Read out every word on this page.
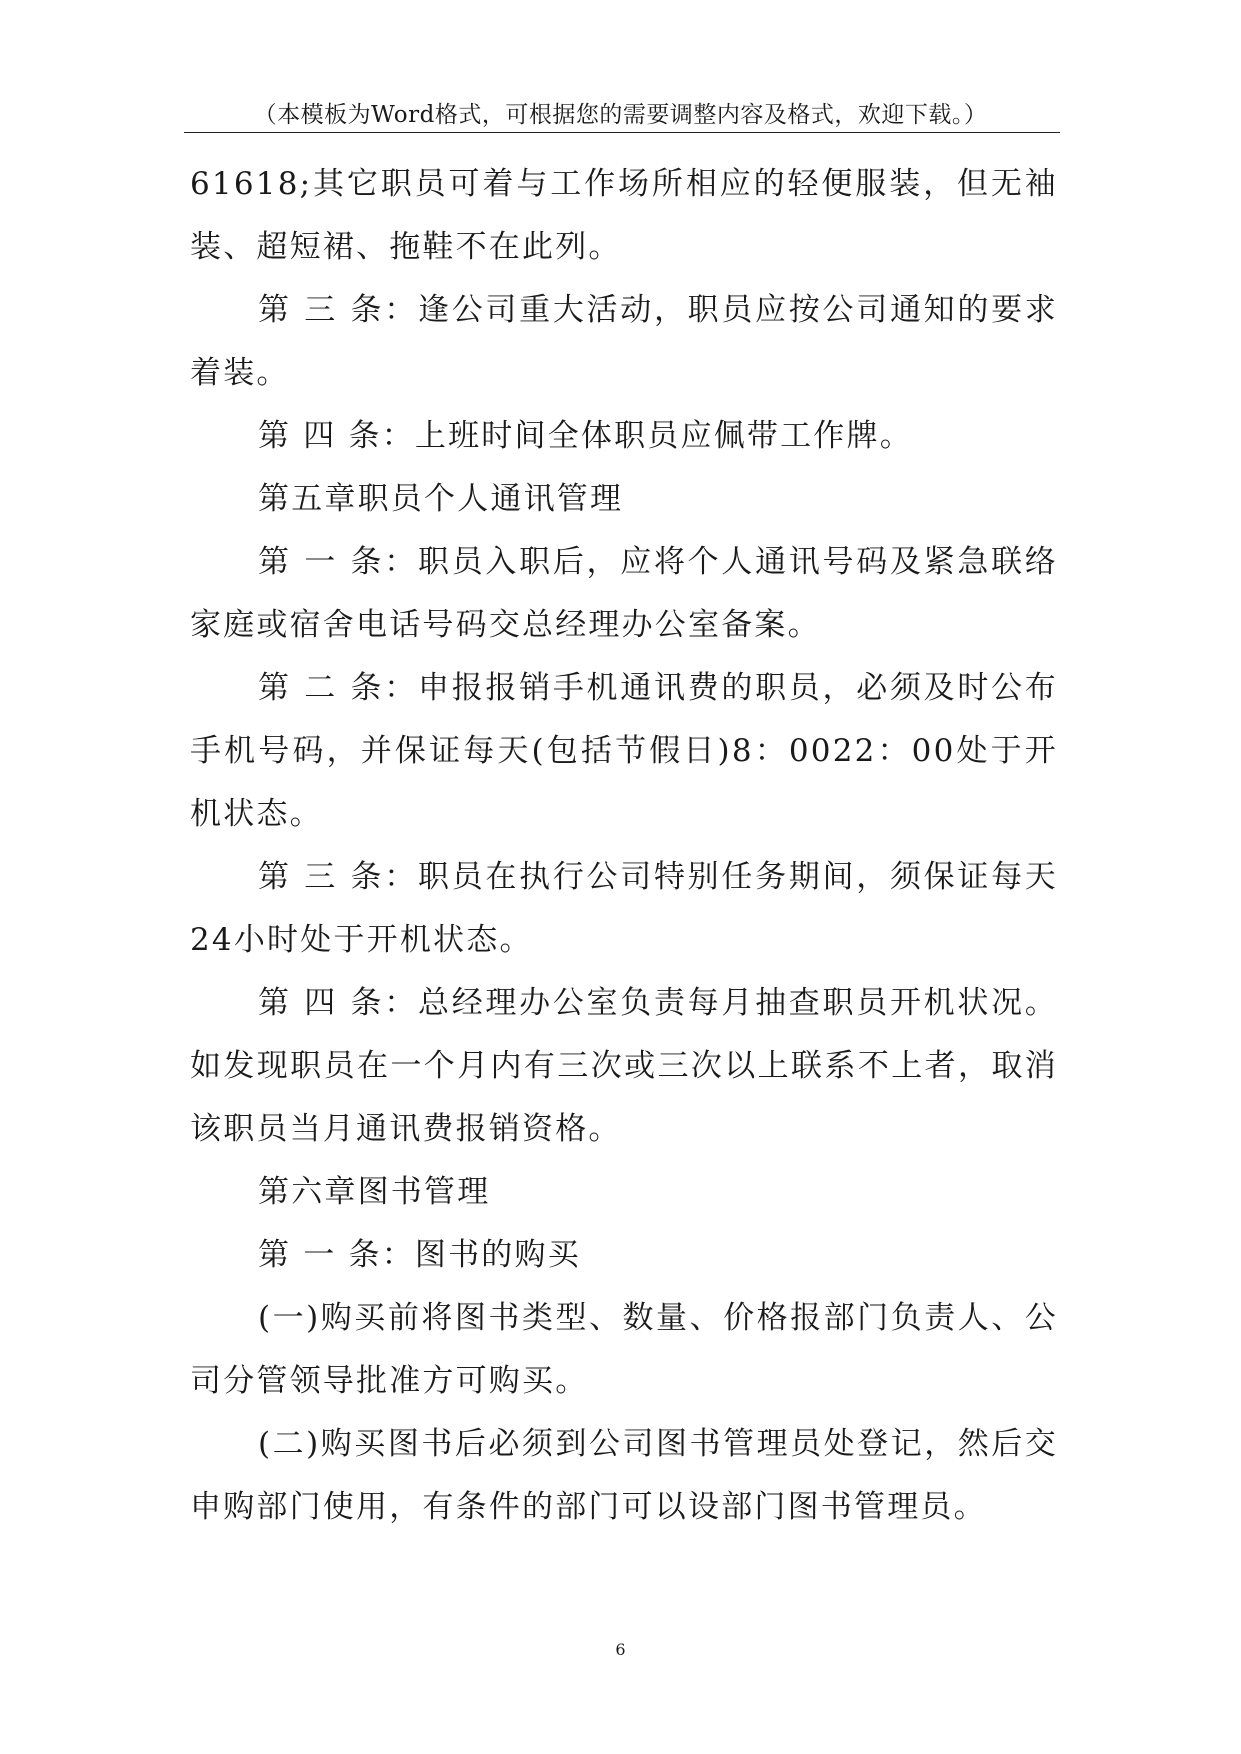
（本模板为Word格式，可根据您的需要调整内容及格式，欢迎下载。）

61618;其它职员可着与工作场所相应的轻便服装，但无袖装、超短裙、拖鞋不在此列。

第 三 条：逢公司重大活动，职员应按公司通知的要求着装。

第 四 条：上班时间全体职员应佩带工作牌。

第五章职员个人通讯管理

第 一 条：职员入职后，应将个人通讯号码及紧急联络家庭或宿舍电话号码交总经理办公室备案。

第 二 条：申报报销手机通讯费的职员，必须及时公布手机号码，并保证每天(包括节假日)8：0022：00处于开机状态。

第 三 条：职员在执行公司特别任务期间，须保证每天24小时处于开机状态。

第 四 条：总经理办公室负责每月抽查职员开机状况。如发现职员在一个月内有三次或三次以上联系不上者，取消该职员当月通讯费报销资格。

第六章图书管理

第 一 条：图书的购买

(一)购买前将图书类型、数量、价格报部门负责人、公司分管领导批准方可购买。

(二)购买图书后必须到公司图书管理员处登记，然后交申购部门使用，有条件的部门可以设部门图书管理员。

6
